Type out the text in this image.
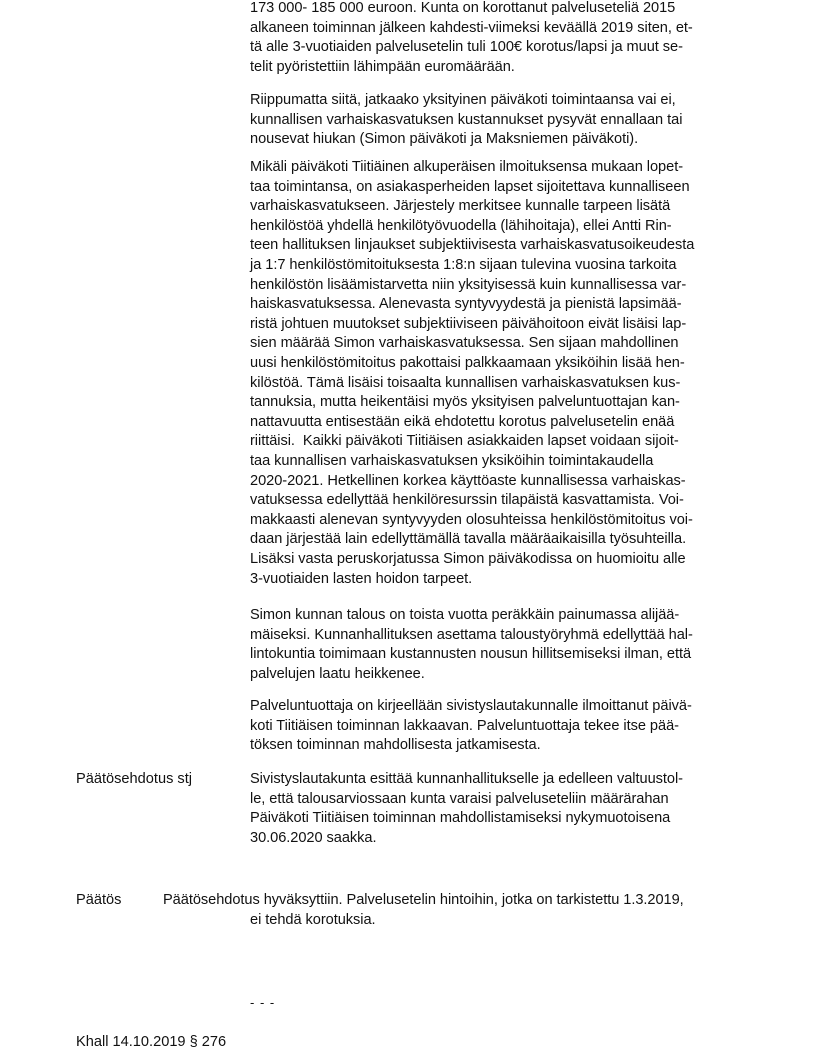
173 000- 185 000 euroon. Kunta on korottanut palveluseteliä 2015
alkaneen toiminnan jälkeen kahdesti-viimeksi keväällä 2019 siten, et-
tä alle 3-vuotiaiden palvelusetelin tuli 100€ korotus/lapsi ja muut se-
telit pyöristettiin lähimpään euromäärään.
Riippumatta siitä, jatkaako yksityinen päiväkoti toimintaansa vai ei,
kunnallisen varhaiskasvatuksen kustannukset pysyvät ennallaan tai
nousevat hiukan (Simon päiväkoti ja Maksniemen päiväkoti).
Mikäli päiväkoti Tiitiäinen alkuperäisen ilmoituksensa mukaan lopet-
taa toimintansa, on asiakasperheiden lapset sijoitettava kunnalliseen
varhaiskasvatukseen. Järjestely merkitsee kunnalle tarpeen lisätä
henkilöstöä yhdellä henkilötyövuodella (lähihoitaja), ellei Antti Rin-
teen hallituksen linjaukset subjektiivisesta varhaiskasvatusoikeudesta
ja 1:7 henkilöstömitoituksesta 1:8:n sijaan tulevina vuosina tarkoita
henkilöstön lisäämistarvetta niin yksityisessä kuin kunnallisessa var-
haiskasvatuksessa. Alenevasta syntyvyydestä ja pienistä lapsimää-
ristä johtuen muutokset subjektiiviseen päivähoitoon eivät lisäisi lap-
sien määrää Simon varhaiskasvatuksessa. Sen sijaan mahdollinen
uusi henkilöstömitoitus pakottaisi palkkaamaan yksiköihin lisää hen-
kilöstöä. Tämä lisäisi toisaalta kunnallisen varhaiskasvatuksen kus-
tannuksia, mutta heikentäisi myös yksityisen palveluntuottajan kan-
nattavuutta entisestään eikä ehdotettu korotus palvelusetelin enää
riittäisi.  Kaikki päiväkoti Tiitiäisen asiakkaiden lapset voidaan sijoit-
taa kunnallisen varhaiskasvatuksen yksiköihin toimintakaudella
2020-2021. Hetkellinen korkea käyttöaste kunnallisessa varhaiskas-
vatuksessa edellyttää henkilöresurssin tilapäistä kasvattamista. Voi-
makkaasti alenevan syntyvyyden olosuhteissa henkilöstömitoitus voi-
daan järjestää lain edellyttämällä tavalla määräaikaisilla työsuhteilla.
Lisäksi vasta peruskorjatussa Simon päiväkodissa on huomioitu alle
3-vuotiaiden lasten hoidon tarpeet.
Simon kunnan talous on toista vuotta peräkkäin painumassa alijää-
mäiseksi. Kunnanhallituksen asettama taloustyöryhmä edellyttää hal-
lintokuntia toimimaan kustannusten nousun hillitsemiseksi ilman, että
palvelujen laatu heikkenee.
Palveluntuottaja on kirjeellään sivistyslautakunnalle ilmoittanut päivä-
koti Tiitiäisen toiminnan lakkaavan. Palveluntuottaja tekee itse pää-
töksen toiminnan mahdollisesta jatkamisesta.
Päätösehdotus stj	Sivistyslautakunta esittää kunnanhallitukselle ja edelleen valtuustol-
le, että talousarviossaan kunta varaisi palveluseteliin määrärahan
Päiväkoti Tiitiäisen toiminnan mahdollistamiseksi nykymuotoisena
30.06.2020 saakka.
Päätös	Päätösehdotus hyväksyttiin. Palvelusetelin hintoihin, jotka on tarkistettu 1.3.2019,
ei tehdä korotuksia.
- - -
Khall 14.10.2019 § 276
